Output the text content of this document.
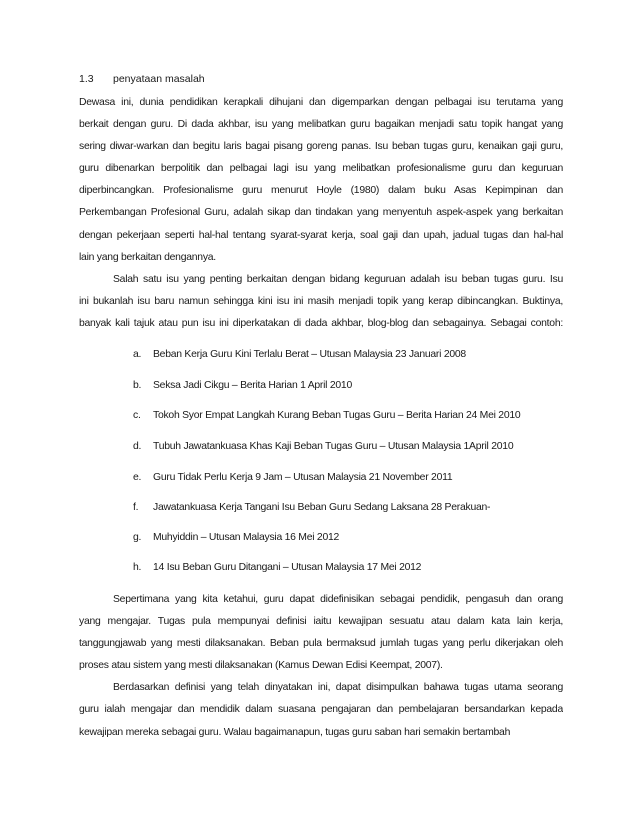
1.3	penyataan masalah
Dewasa ini, dunia pendidikan kerapkali dihujani dan digemparkan dengan pelbagai isu terutama yang
berkait dengan guru. Di dada akhbar, isu yang melibatkan guru bagaikan menjadi satu topik hangat yang
sering diwar-warkan dan begitu laris bagai pisang goreng panas. Isu beban tugas guru, kenaikan gaji guru,
guru dibenarkan berpolitik dan pelbagai lagi isu yang melibatkan profesionalisme guru dan keguruan
diperbincangkan. Profesionalisme guru menurut Hoyle (1980) dalam buku Asas Kepimpinan dan
Perkembangan Profesional Guru, adalah sikap dan tindakan yang menyentuh aspek-aspek yang berkaitan
dengan pekerjaan seperti hal-hal tentang syarat-syarat kerja, soal gaji dan upah, jadual tugas dan hal-hal
lain yang berkaitan dengannya.
Salah satu isu yang penting berkaitan dengan bidang keguruan adalah isu beban tugas guru. Isu
ini bukanlah isu baru namun sehingga kini isu ini masih menjadi topik yang kerap dibincangkan. Buktinya,
banyak kali tajuk atau pun isu ini diperkatakan di dada akhbar, blog-blog dan sebagainya. Sebagai contoh:
a. Beban Kerja Guru Kini Terlalu Berat – Utusan Malaysia 23 Januari 2008
b. Seksa Jadi Cikgu – Berita Harian 1 April 2010
c. Tokoh Syor Empat Langkah Kurang Beban Tugas Guru – Berita Harian 24 Mei 2010
d. Tubuh Jawatankuasa Khas Kaji Beban Tugas Guru – Utusan Malaysia 1April 2010
e. Guru Tidak Perlu Kerja 9 Jam – Utusan Malaysia 21 November 2011
f. Jawatankuasa Kerja Tangani Isu Beban Guru Sedang Laksana 28 Perakuan-
g. Muhyiddin – Utusan Malaysia 16 Mei 2012
h. 14 Isu Beban Guru Ditangani – Utusan Malaysia 17 Mei 2012
Sepertimana yang kita ketahui, guru dapat didefinisikan sebagai pendidik, pengasuh dan orang
yang mengajar. Tugas pula mempunyai definisi iaitu kewajipan sesuatu atau dalam kata lain kerja,
tanggungjawab yang mesti dilaksanakan. Beban pula bermaksud jumlah tugas yang perlu dikerjakan oleh
proses atau sistem yang mesti dilaksanakan (Kamus Dewan Edisi Keempat, 2007).
Berdasarkan definisi yang telah dinyatakan ini, dapat disimpulkan bahawa tugas utama seorang
guru ialah mengajar dan mendidik dalam suasana pengajaran dan pembelajaran bersandarkan kepada
kewajipan mereka sebagai guru. Walau bagaimanapun, tugas guru saban hari semakin bertambah
